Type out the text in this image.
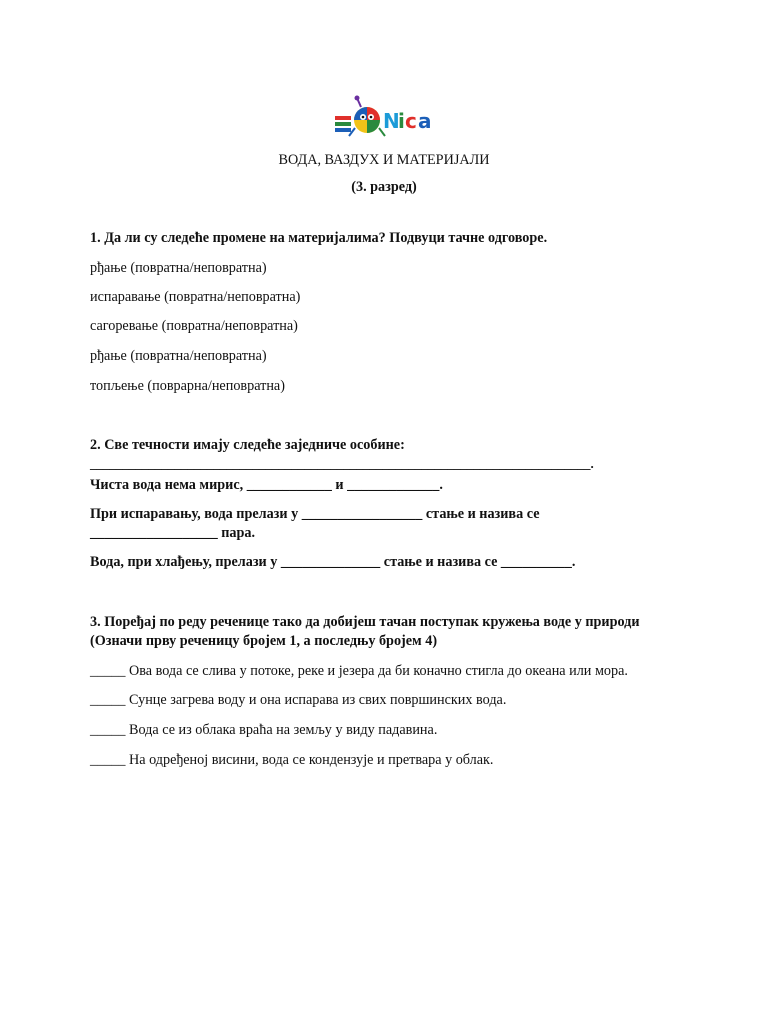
N
i c a
ВОДА, ВАЗДУХ И МАТЕРИЈАЛИ
(3. разред)
1. Да ли су следеће промене на материјалима? Подвуци тачне одговоре.
рђање (повратна/неповратна)
испаравање (повратна/неповратна)
сагоревање (повратна/неповратна)
рђање (повратна/неповратна)
топљење (поврарна/неповратна)
2. Све течности имају следеће заједниче особине:
_____________________________________________________________________________.
Чиста вода нема мирис, ____________ и _____________.
При испаравању, вода прелази у _________________ стање и назива се
__________________ пара.
Вода, при хлађењу, прелази у ______________ стање и назива се __________.
3. Поређај по реду реченице тако да добијеш тачан поступак кружења воде у природи
(Означи прву реченицу бројем 1, а последњу бројем 4)
_____ Ова вода се слива у потоке, реке и језера да би коначно стигла до океана или мора.
_____ Сунце загрева воду и она испарава из свих површинских вода.
_____ Вода се из облака враћа на земљу у виду падавина.
_____ На одређеној висини, вода се кондензује и претвара у облак.
